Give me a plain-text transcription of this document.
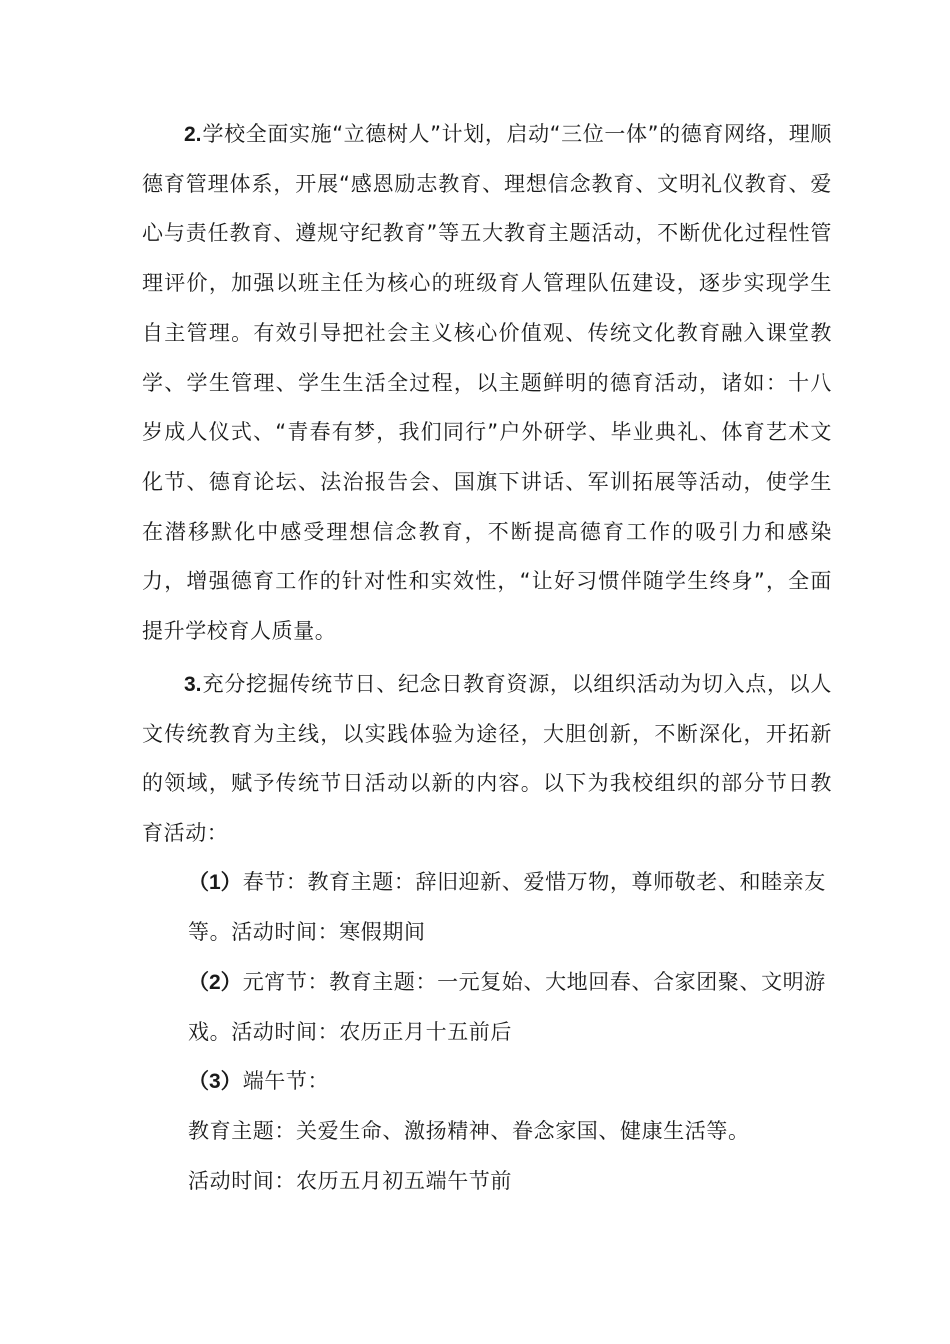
2.学校全面实施“立德树人”计划，启动“三位一体”的德育网络，理顺德育管理体系，开展“感恩励志教育、理想信念教育、文明礼仪教育、爱心与责任教育、遵规守纪教育”等五大教育主题活动，不断优化过程性管理评价，加强以班主任为核心的班级育人管理队伍建设，逐步实现学生自主管理。有效引导把社会主义核心价值观、传统文化教育融入课堂教学、学生管理、学生生活全过程，以主题鲜明的德育活动，诸如：十八岁成人仪式、“青春有梦，我们同行”户外研学、毕业典礼、体育艺术文化节、德育论坛、法治报告会、国旗下讲话、军训拓展等活动，使学生在潜移默化中感受理想信念教育，不断提高德育工作的吸引力和感染力，增强德育工作的针对性和实效性，“让好习惯伴随学生终身”，全面提升学校育人质量。

3.充分挖掘传统节日、纪念日教育资源，以组织活动为切入点，以人文传统教育为主线，以实践体验为途径，大胆创新，不断深化，开拓新的领域，赋予传统节日活动以新的内容。以下为我校组织的部分节日教育活动：

（1）春节：教育主题：辞旧迎新、爱惜万物，尊师敬老、和睦亲友等。活动时间：寒假期间

（2）元宵节：教育主题：一元复始、大地回春、合家团聚、文明游戏。活动时间：农历正月十五前后

（3）端午节：

教育主题：关爱生命、激扬精神、眷念家国、健康生活等。

活动时间：农历五月初五端午节前
